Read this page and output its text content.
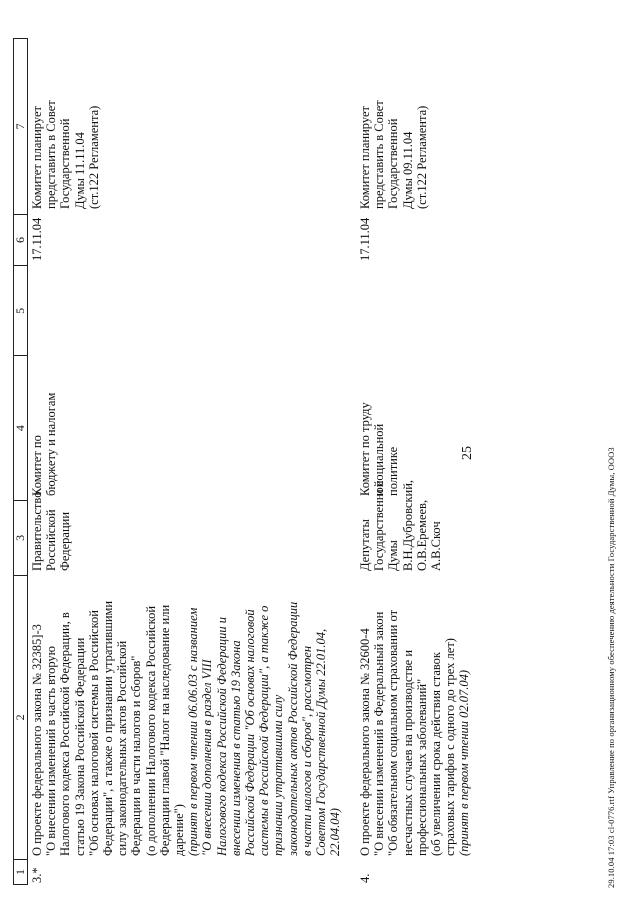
25
1
2
3
4
5
6
7
3.*
О проекте федерального закона № 32385]-3 "О внесении изменений в часть вторую Налогового кодекса Российской Федерации, в статью 19 Закона Российской Федерации "Об основах налоговой системы в Российской Федерации", а также о признании утратившими силу законодательных актов Российской Федерации в части налогов и сборов" (о дополнении Налогового кодекса Российской Федерации главой "Налог на наследование или дарение") (принят в первом чтении 06.06.03 с названием "О внесении дополнения в раздел VIII Налогового кодекса Российской Федерации и внесении изменения в статью 19 Закона Российской Федерации "Об основах налоговой системы в Российской Федерации", а также о признании утратившими силу законодательных актов Российской Федерации в части налогов и сборов", рассмотрен Советом Государственной Думы 22.01.04, 22.04.04)
Правительство Российской Федерации
Комитет по бюджету и налогам
17.11.04
Комитет планирует представить в Совет Государственной Думы 11.11.04 (ст.122 Регламента)
4.
О проекте федерального закона № 32600-4 "О внесении изменений в Федеральный закон "Об обязательном социальном страховании от несчастных случаев на производстве и профессиональных заболеваний" (об увеличении срока действия ставок страховых тарифов с одного до трех лет) (принят в первом чтении 02.07.04)
Депутаты Государственной Думы В.Н.Дубровский, О.В.Еремеев, А.В.Скоч
Комитет по труду и социальной политике
17.11.04
Комитет планирует представить в Совет Государственной Думы 09.11.04 (ст.122 Регламента)
29.10.04 17:03 cl-0776.rtf Управление по организационному обеспечению деятельности Государственной Думы, ООО3
